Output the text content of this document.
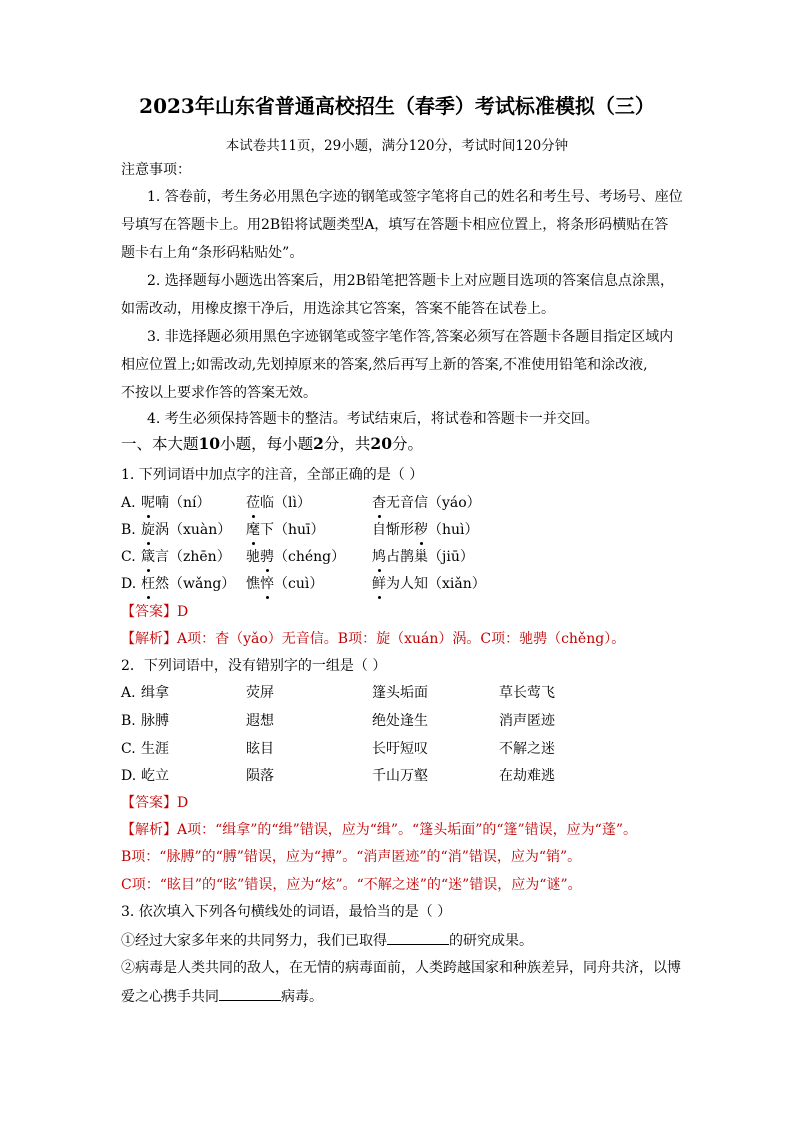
2023年山东省普通高校招生（春季）考试标准模拟（三）
本试卷共11页，29小题，满分120分，考试时间120分钟
注意事项：
1. 答卷前，考生务必用黑色字迹的钢笔或签字笔将自己的姓名和考生号、考场号、座位
号填写在答题卡上。用2B铅将试题类型A，填写在答题卡相应位置上，将条形码横贴在答
题卡右上角“条形码粘贴处”。
2. 选择题每小题选出答案后，用2B铅笔把答题卡上对应题目选项的答案信息点涂黑，
如需改动，用橡皮擦干净后，用选涂其它答案，答案不能答在试卷上。
3. 非选择题必须用黑色字迹钢笔或签字笔作答,答案必须写在答题卡各题目指定区域内
相应位置上;如需改动,先划掉原来的答案,然后再写上新的答案,不准使用铅笔和涂改液,
不按以上要求作答的答案无效。
4. 考生必须保持答题卡的整洁。考试结束后，将试卷和答题卡一并交回。
一、本大题10小题，每小题2分，共20分。
1. 下列词语中加点字的注音，全部正确的是（ ）
A. 呢喃（ní）	莅临（lì）	杳无音信（yáo）
B. 旋涡（xuàn） 麾下（huī）	自惭形秽（huì）
C. 箴言（zhēn） 驰骋（chéng） 鸠占鹊巢（jiū）
D. 枉然（wǎng） 憔悴（cuì）	鲜为人知（xiǎn）
【答案】D
【解析】A项：杳（yǎo）无音信。B项：旋（xuán）涡。C项：驰骋（chěng）。
2．下列词语中，没有错别字的一组是（ ）
A. 缉拿	荧屏	篷头垢面	草长莺飞
B. 脉膊	遐想	绝处逢生	消声匿迹
C. 生涯	眩目	长吁短叹	不解之迷
D. 屹立	陨落	千山万壑	在劫难逃
【答案】D
【解析】A项：“缉拿”的“缉”错误，应为“缉”。“篷头垢面”的“篷”错误，应为“蓬”。
B项：“脉膊”的“膊”错误，应为“搏”。“消声匿迹”的“消”错误，应为“销”。
C项：“眩目”的“眩”错误，应为“炫”。“不解之迷”的“迷”错误，应为“谜”。
3. 依次填入下列各句横线处的词语，最恰当的是（ ）
①经过大家多年来的共同努力，我们已取得	的研究成果。
②病毒是人类共同的敌人，在无情的病毒面前，人类跨越国家和种族差异，同舟共济，以博
爱之心携手共同	病毒。
